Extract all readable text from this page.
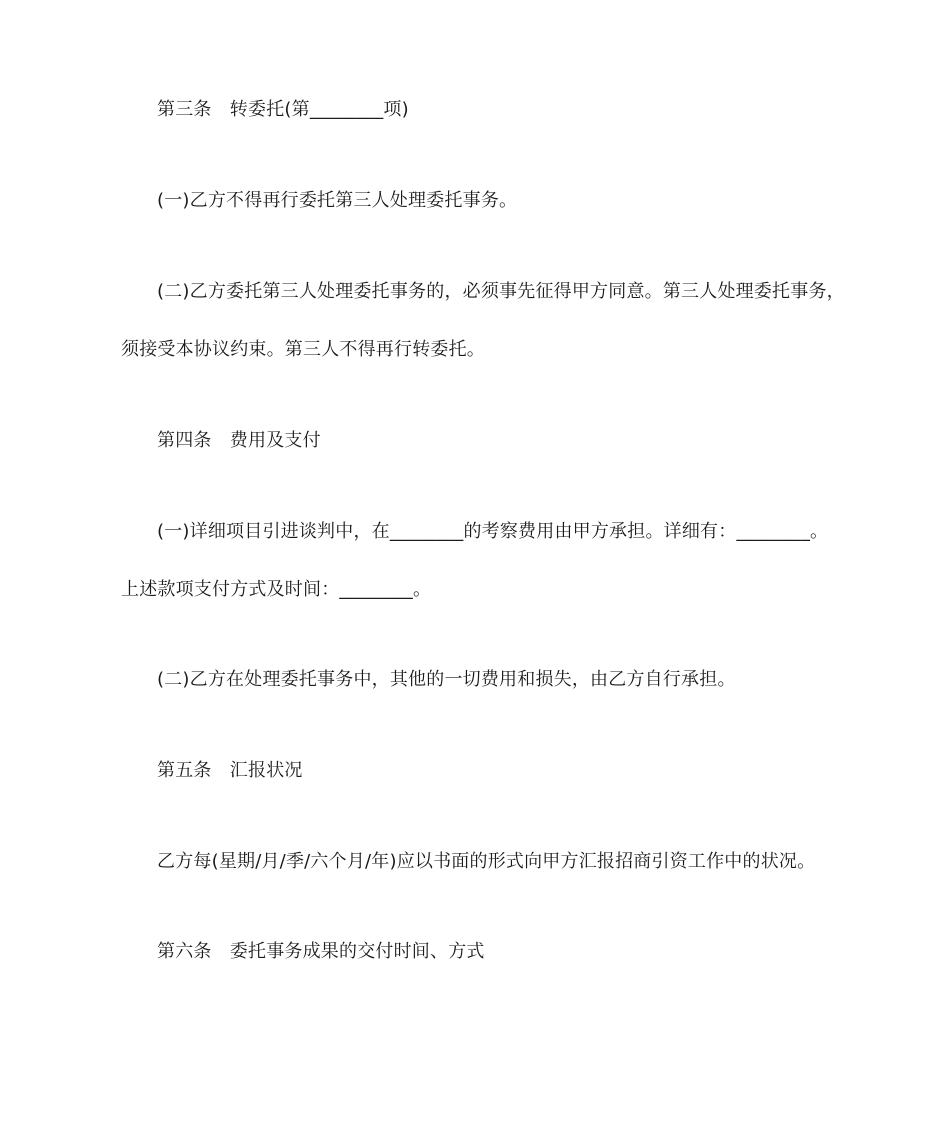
第三条　转委托(第________项)
(一)乙方不得再行委托第三人处理委托事务。
(二)乙方委托第三人处理委托事务的，必须事先征得甲方同意。第三人处理委托事务，
须接受本协议约束。第三人不得再行转委托。
第四条　费用及支付
(一)详细项目引进谈判中，在________的考察费用由甲方承担。详细有：________。
上述款项支付方式及时间：________。
(二)乙方在处理委托事务中，其他的一切费用和损失，由乙方自行承担。
第五条　汇报状况
乙方每(星期/月/季/六个月/年)应以书面的形式向甲方汇报招商引资工作中的状况。
第六条　委托事务成果的交付时间、方式
